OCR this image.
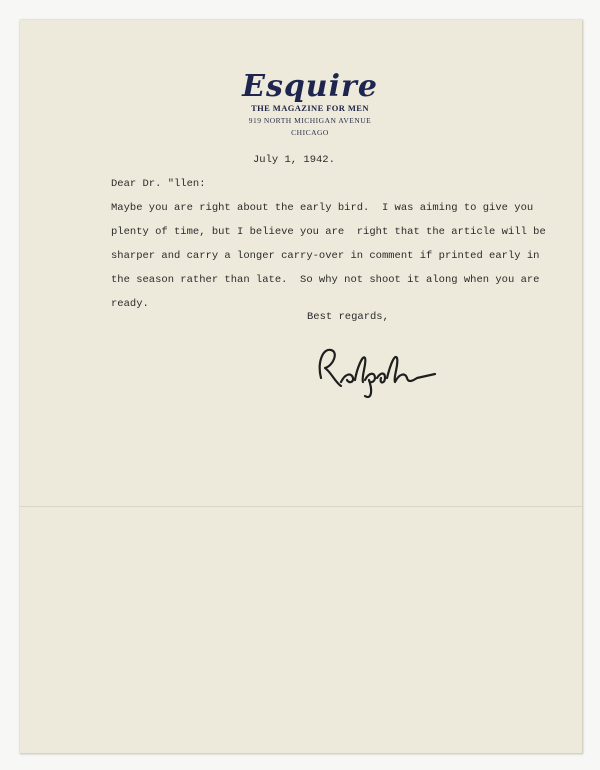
Esquire
THE MAGAZINE FOR MEN
919 NORTH MICHIGAN AVENUE
CHICAGO
July 1, 1942.
Dear Dr. "llen:
Maybe you are right about the early bird.  I was aiming to give you
plenty of time, but I believe you are  right that the article will be
sharper and carry a longer carry-over in comment if printed early in
the season rather than late.  So why not shoot it along when you are
ready.
Best regards,
